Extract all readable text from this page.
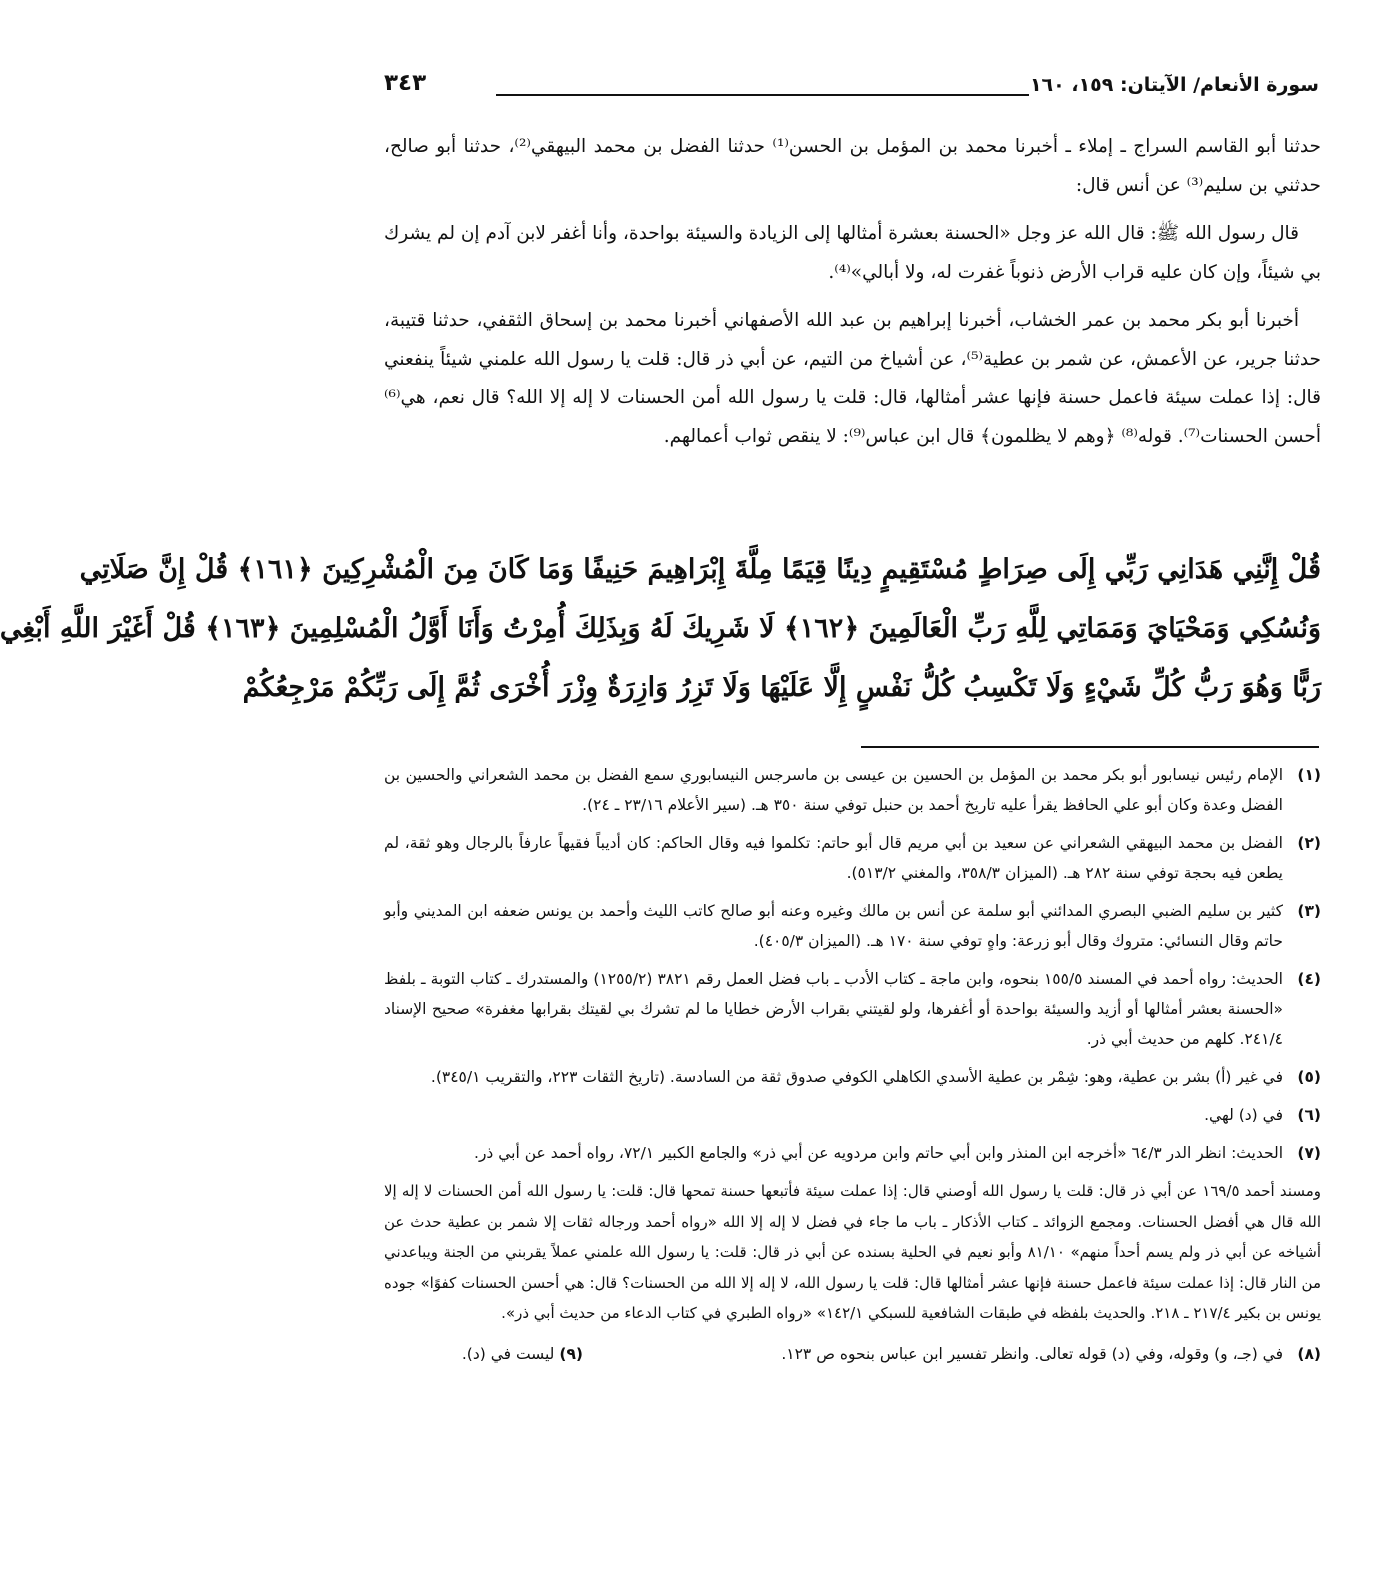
سورة الأنعام/ الآيتان: ١٥٩، ١٦٠
٣٤٣

حدثنا أبو القاسم السراج ـ إملاء ـ أخبرنا محمد بن المؤمل بن الحسن⁽¹⁾ حدثنا الفضل بن محمد البيهقي⁽²⁾، حدثنا أبو صالح، حدثني بن سليم⁽³⁾ عن أنس قال:

قال رسول الله ﷺ: قال الله عز وجل «الحسنة بعشرة أمثالها إلى الزيادة والسيئة بواحدة، وأنا أغفر لابن آدم إن لم يشرك بي شيئاً، وإن كان عليه قراب الأرض ذنوباً غفرت له، ولا أبالي»⁽⁴⁾.

أخبرنا أبو بكر محمد بن عمر الخشاب، أخبرنا إبراهيم بن عبد الله الأصفهاني أخبرنا محمد بن إسحاق الثقفي، حدثنا قتيبة، حدثنا جرير، عن الأعمش، عن شمر بن عطية⁽⁵⁾، عن أشياخ من التيم، عن أبي ذر قال: قلت يا رسول الله علمني شيئاً ينفعني قال: إذا عملت سيئة فاعمل حسنة فإنها عشر أمثالها، قال: قلت يا رسول الله أمن الحسنات لا إله إلا الله؟ قال نعم، هي⁽⁶⁾ أحسن الحسنات⁽⁷⁾. قوله⁽⁸⁾ ﴿وهم لا يظلمون﴾ قال ابن عباس⁽⁹⁾: لا ينقص ثواب أعمالهم.

قُلْ إِنَّنِي هَدَانِي رَبِّي إِلَى صِرَاطٍ مُسْتَقِيمٍ دِينًا قِيَمًا مِلَّةَ إِبْرَاهِيمَ حَنِيفًا وَمَا كَانَ مِنَ الْمُشْرِكِينَ ﴿١٦١﴾ قُلْ إِنَّ صَلَاتِي
وَنُسُكِي وَمَحْيَايَ وَمَمَاتِي لِلَّهِ رَبِّ الْعَالَمِينَ ﴿١٦٢﴾ لَا شَرِيكَ لَهُ وَبِذَلِكَ أُمِرْتُ وَأَنَا أَوَّلُ الْمُسْلِمِينَ ﴿١٦٣﴾ قُلْ أَغَيْرَ اللَّهِ أَبْغِي
رَبًّا وَهُوَ رَبُّ كُلِّ شَيْءٍ وَلَا تَكْسِبُ كُلُّ نَفْسٍ إِلَّا عَلَيْهَا وَلَا تَزِرُ وَازِرَةٌ وِزْرَ أُخْرَى ثُمَّ إِلَى رَبِّكُمْ مَرْجِعُكُمْ
(١)
الإمام رئيس نيسابور أبو بكر محمد بن المؤمل بن الحسين بن عيسى بن ماسرجس النيسابوري سمع الفضل بن محمد الشعراني والحسين بن الفضل وعدة وكان أبو علي الحافظ يقرأ عليه تاريخ أحمد بن حنبل توفي سنة ٣٥٠ هـ. (سير الأعلام ٢٣/١٦ ـ ٢٤).
(٢)
الفضل بن محمد البيهقي الشعراني عن سعيد بن أبي مريم قال أبو حاتم: تكلموا فيه وقال الحاكم: كان أديباً فقيهاً عارفاً بالرجال وهو ثقة، لم يطعن فيه بحجة توفي سنة ٢٨٢ هـ. (الميزان ٣٥٨/٣، والمغني ٥١٣/٢).
(٣)
كثير بن سليم الضبي البصري المدائني أبو سلمة عن أنس بن مالك وغيره وعنه أبو صالح كاتب الليث وأحمد بن يونس ضعفه ابن المديني وأبو حاتم وقال النسائي: متروك وقال أبو زرعة: واهٍ توفي سنة ١٧٠ هـ. (الميزان ٤٠٥/٣).
(٤)
الحديث: رواه أحمد في المسند ١٥٥/٥ بنحوه، وابن ماجة ـ كتاب الأدب ـ باب فضل العمل رقم ٣٨٢١ (١٢٥٥/٢) والمستدرك ـ كتاب التوبة ـ بلفظ «الحسنة بعشر أمثالها أو أزيد والسيئة بواحدة أو أغفرها، ولو لقيتني بقراب الأرض خطايا ما لم تشرك بي لقيتك بقرابها مغفرة» صحيح الإسناد ٢٤١/٤. كلهم من حديث أبي ذر.
(٥)
في غير (أ) بشر بن عطية، وهو: شِمْر بن عطية الأسدي الكاهلي الكوفي صدوق ثقة من السادسة. (تاريخ الثقات ٢٢٣، والتقريب ٣٤٥/١).
(٦)
في (د) لهي.
(٧)
الحديث: انظر الدر ٦٤/٣ «أخرجه ابن المنذر وابن أبي حاتم وابن مردويه عن أبي ذر» والجامع الكبير ٧٢/١، رواه أحمد عن أبي ذر.
ومسند أحمد ١٦٩/٥ عن أبي ذر قال: قلت يا رسول الله أوصني قال: إذا عملت سيئة فأتبعها حسنة تمحها قال: قلت: يا رسول الله أمن الحسنات لا إله إلا الله قال هي أفضل الحسنات. ومجمع الزوائد ـ كتاب الأذكار ـ باب ما جاء في فضل لا إله إلا الله «رواه أحمد ورجاله ثقات إلا شمر بن عطية حدث عن أشياخه عن أبي ذر ولم يسم أحداً منهم» ٨١/١٠ وأبو نعيم في الحلية بسنده عن أبي ذر قال: قلت: يا رسول الله علمني عملاً يقربني من الجنة ويباعدني من النار قال: إذا عملت سيئة فاعمل حسنة فإنها عشر أمثالها قال: قلت يا رسول الله، لا إله إلا الله من الحسنات؟ قال: هي أحسن الحسنات كفوًا» جوده يونس بن بكير ٢١٧/٤ ـ ٢١٨. والحديث بلفظه في طبقات الشافعية للسبكي ١٤٢/١» «رواه الطبري في كتاب الدعاء من حديث أبي ذر».
(٨)
في (جـ، و) وقوله، وفي (د) قوله تعالى. وانظر تفسير ابن عباس بنحوه ص ١٢٣.
(٩) ليست في (د).
